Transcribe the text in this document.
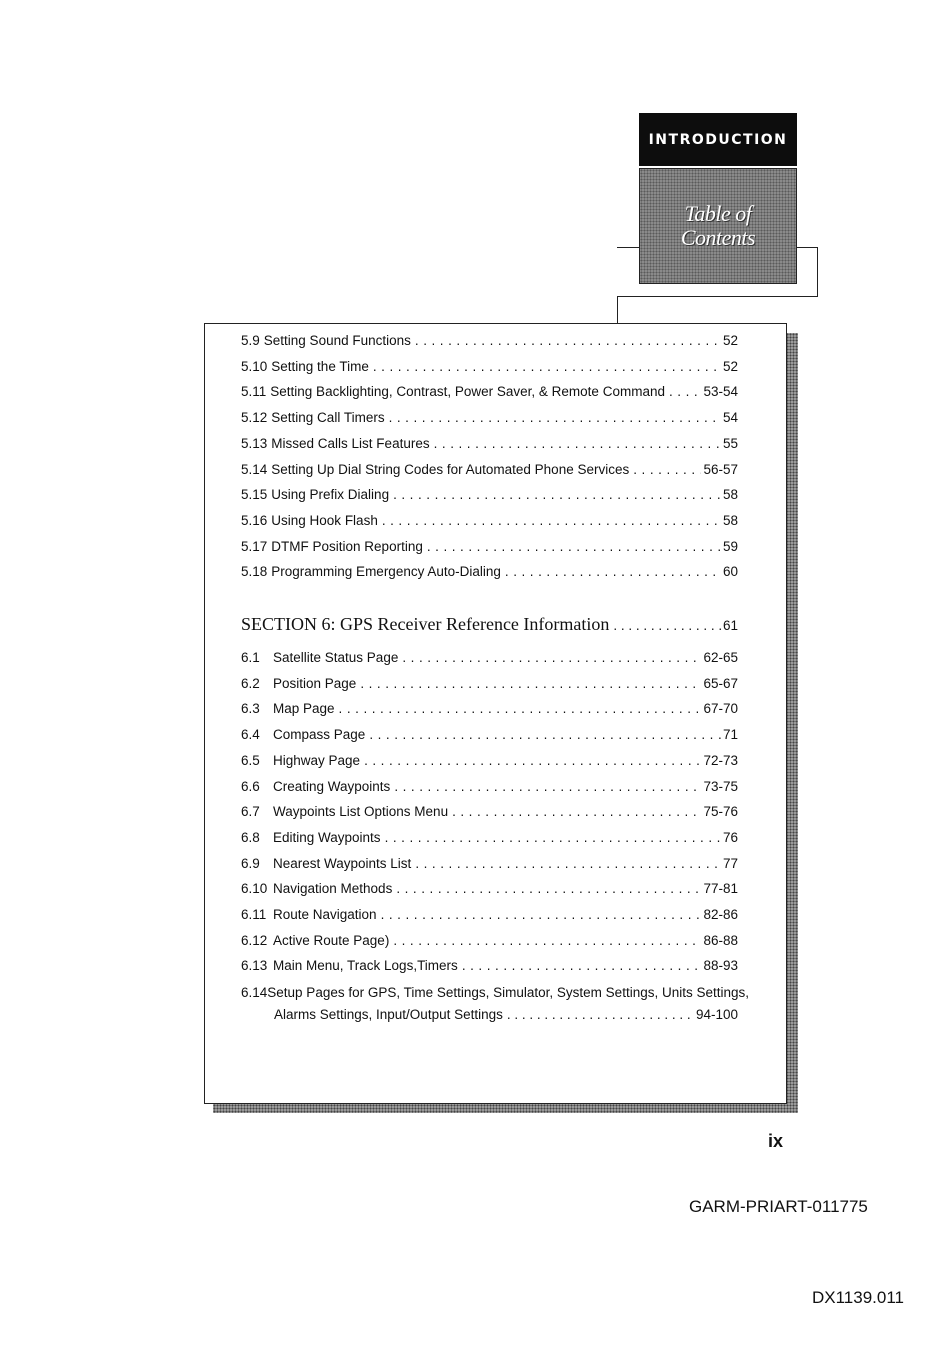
INTRODUCTION
Table of
Contents
5.9 Setting Sound Functions . . .	52
5.10 Setting the Time . . .	52
5.11 Setting Backlighting, Contrast, Power Saver, & Remote Command . . .	53-54
5.12 Setting Call Timers . . .	54
5.13 Missed Calls List Features . . .	55
5.14 Setting Up Dial String Codes for Automated Phone Services . . .	56-57
5.15 Using Prefix Dialing . . .	58
5.16 Using Hook Flash . . .	58
5.17 DTMF Position Reporting . . .	59
5.18 Programming Emergency Auto-Dialing . . .	60
SECTION 6: GPS Receiver Reference Information . . .	61
6.1 Satellite Status Page . . .	62-65
6.2 Position Page . . .	65-67
6.3 Map Page . . .	67-70
6.4 Compass Page . . .	71
6.5 Highway Page . . .	72-73
6.6 Creating Waypoints . . .	73-75
6.7 Waypoints List Options Menu . . .	75-76
6.8 Editing Waypoints . . .	76
6.9 Nearest Waypoints List . . .	77
6.10 Navigation Methods . . .	77-81
6.11 Route Navigation . . .	82-86
6.12 Active Route Page) . . .	86-88
6.13 Main Menu, Track Logs,Timers . . .	88-93
6.14 Setup Pages for GPS, Time Settings, Simulator, System Settings, Units Settings,
Alarms Settings, Input/Output Settings . . .	94-100
ix
GARM-PRIART-011775
DX1139.011
